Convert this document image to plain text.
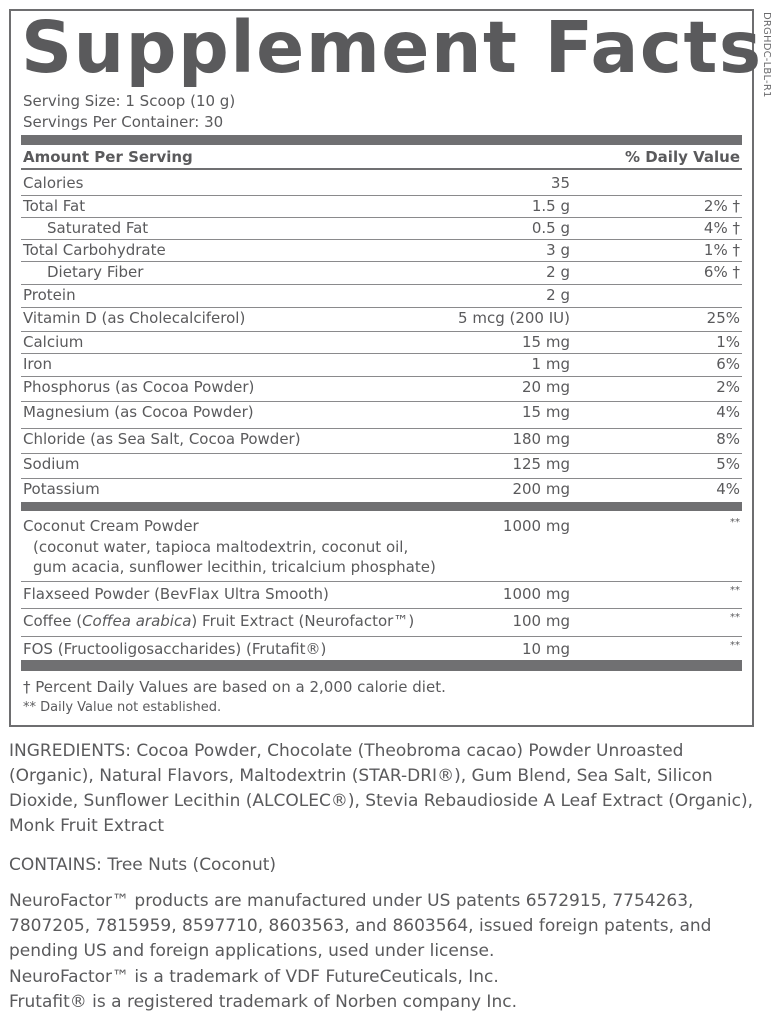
DRGHDC-LBL-R1
Supplement Facts
Serving Size: 1 Scoop (10 g)
Servings Per Container: 30
Amount Per Serving	% Daily Value
Calories	35
Total Fat	1.5 g	2% †
Saturated Fat	0.5 g	4% †
Total Carbohydrate	3 g	1% †
Dietary Fiber	2 g	6% †
Protein	2 g
Vitamin D (as Cholecalciferol)	5 mcg (200 IU)	25%
Calcium	15 mg	1%
Iron	1 mg	6%
Phosphorus (as Cocoa Powder)	20 mg	2%
Magnesium (as Cocoa Powder)	15 mg	4%
Chloride (as Sea Salt, Cocoa Powder)	180 mg	8%
Sodium	125 mg	5%
Potassium	200 mg	4%
Coconut Cream Powder	1000 mg	**
(coconut water, tapioca maltodextrin, coconut oil,
gum acacia, sunflower lecithin, tricalcium phosphate)
Flaxseed Powder (BevFlax Ultra Smooth)	1000 mg	**
Coffee (Coffea arabica) Fruit Extract (Neurofactor™)	100 mg	**
FOS (Fructooligosaccharides) (Frutafit®)	10 mg	**
† Percent Daily Values are based on a 2,000 calorie diet.
** Daily Value not established.
INGREDIENTS: Cocoa Powder, Chocolate (Theobroma cacao) Powder Unroasted (Organic), Natural Flavors, Maltodextrin (STAR-DRI®), Gum Blend, Sea Salt, Silicon Dioxide, Sunflower Lecithin (ALCOLEC®), Stevia Rebaudioside A Leaf Extract (Organic), Monk Fruit Extract
CONTAINS: Tree Nuts (Coconut)
NeuroFactor™ products are manufactured under US patents 6572915, 7754263, 7807205, 7815959, 8597710, 8603563, and 8603564, issued foreign patents, and pending US and foreign applications, used under license.
NeuroFactor™ is a trademark of VDF FutureCeuticals, Inc.
Frutafit® is a registered trademark of Norben company Inc.
